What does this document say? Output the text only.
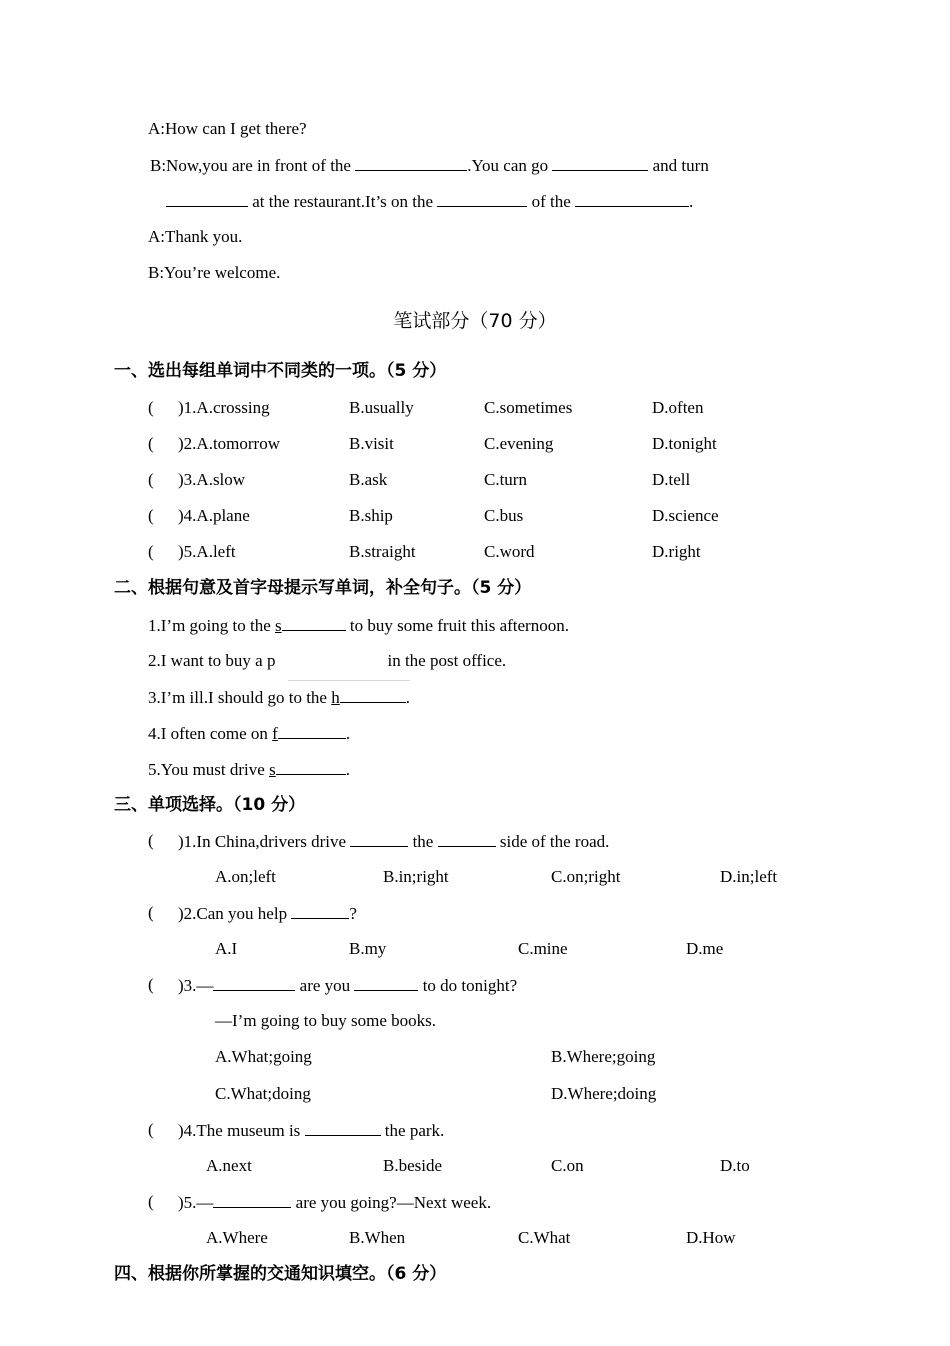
A:How can I get there?
B:Now,you are in front of the	.You can go	and turn
at the restaurant.It’s on the	of the	.
A:Thank you.
B:You’re welcome.
笔试部分（70 分）
一、选出每组单词中不同类的一项。（5 分）
( )1.A.crossing	B.usually	C.sometimes	D.often
( )2.A.tomorrow	B.visit	C.evening	D.tonight
( )3.A.slow	B.ask	C.turn	D.tell
( )4.A.plane	B.ship	C.bus	D.science
( )5.A.left	B.straight	C.word	D.right
二、根据句意及首字母提示写单词，补全句子。（5 分）
1.I’m going to the s	to buy some fruit this afternoon.
2.I want to buy a p	in the post office.
3.I’m ill.I should go to the h	.
4.I often come on f	.
5.You must drive s	.
三、单项选择。（10 分）
( )1.In China,drivers drive	the	side of the road.
A.on;left	B.in;right	C.on;right	D.in;left
( )2.Can you help	?
A.I	B.my	C.mine	D.me
( )3.—	are you	to do tonight?
—I’m going to buy some books.
A.What;going	B.Where;going
C.What;doing	D.Where;doing
( )4.The museum is	the park.
A.next	B.beside	C.on	D.to
( )5.—	are you going?—Next week.
A.Where	B.When	C.What	D.How
四、根据你所掌握的交通知识填空。（6 分）
